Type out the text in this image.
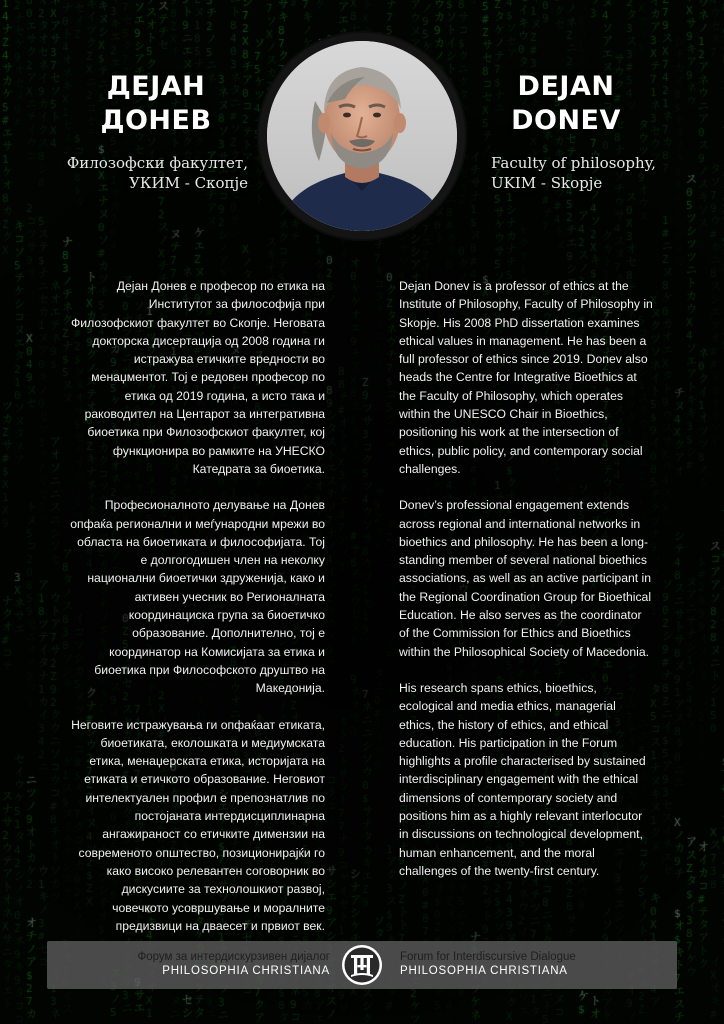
ДЕЈАН
ДОНЕВ
DEJAN
DONEV
Филозофски факултет,
УКИМ - Скопје
Faculty of philosophy,
UKIM - Skopje

Дејан Донев е професор по етика на Институтот за философија при Филозофскиот факултет во Скопје. Неговата докторска дисертација од 2008 година ги истражува етичките вредности во менаџментот. Тој е редовен професор по етика од 2019 година, а исто така и раководител на Центарот за интегративна биоетика при Филозофскиот факултет, кој функционира во рамките на УНЕСКО Катедрата за биоетика.

Професионалното делување на Донев опфаќа регионални и меѓународни мрежи во областа на биоетиката и философијата. Тој е долгогодишен член на неколку национални биоетички здруженија, како и активен учесник во Регионалната координациска група за биоетичко образование. Дополнително, тој е координатор на Комисијата за етика и биоетика при Философското друштво на Македонија.

Неговите истражувања ги опфаќаат етиката, биоетиката, еколошката и медиумската етика, менаџерската етика, историјата на етиката и етичкото образование. Неговиот интелектуален профил е препознатлив по постојаната интердисциплинарна ангажираност со етичките димензии на современото општество, позиционирајќи го како високо релевантен соговорник во дискусиите за технолошкиот развој, човечкото усовршување и моралните предизвици на дваесет и првиот век.

Dejan Donev is a professor of ethics at the Institute of Philosophy, Faculty of Philosophy in Skopje. His 2008 PhD dissertation examines ethical values in management. He has been a full professor of ethics since 2019. Donev also heads the Centre for Integrative Bioethics at the Faculty of Philosophy, which operates within the UNESCO Chair in Bioethics, positioning his work at the intersection of ethics, public policy, and contemporary social challenges.

Donev’s professional engagement extends across regional and international networks in bioethics and philosophy. He has been a long-standing member of several national bioethics associations, as well as an active participant in the Regional Coordination Group for Bioethical Education. He also serves as the coordinator of the Commission for Ethics and Bioethics within the Philosophical Society of Macedonia.

His research spans ethics, bioethics, ecological and media ethics, managerial ethics, the history of ethics, and ethical education. His participation in the Forum highlights a profile characterised by sustained interdisciplinary engagement with the ethical dimensions of contemporary society and positions him as a highly relevant interlocutor in discussions on technological development, human enhancement, and the moral challenges of the twenty-first century.

Форум за интердискурзивен дијалог
PHILOSOPHIA CHRISTIANA
Forum for Interdiscursive Dialogue
PHILOSOPHIA CHRISTIANA
